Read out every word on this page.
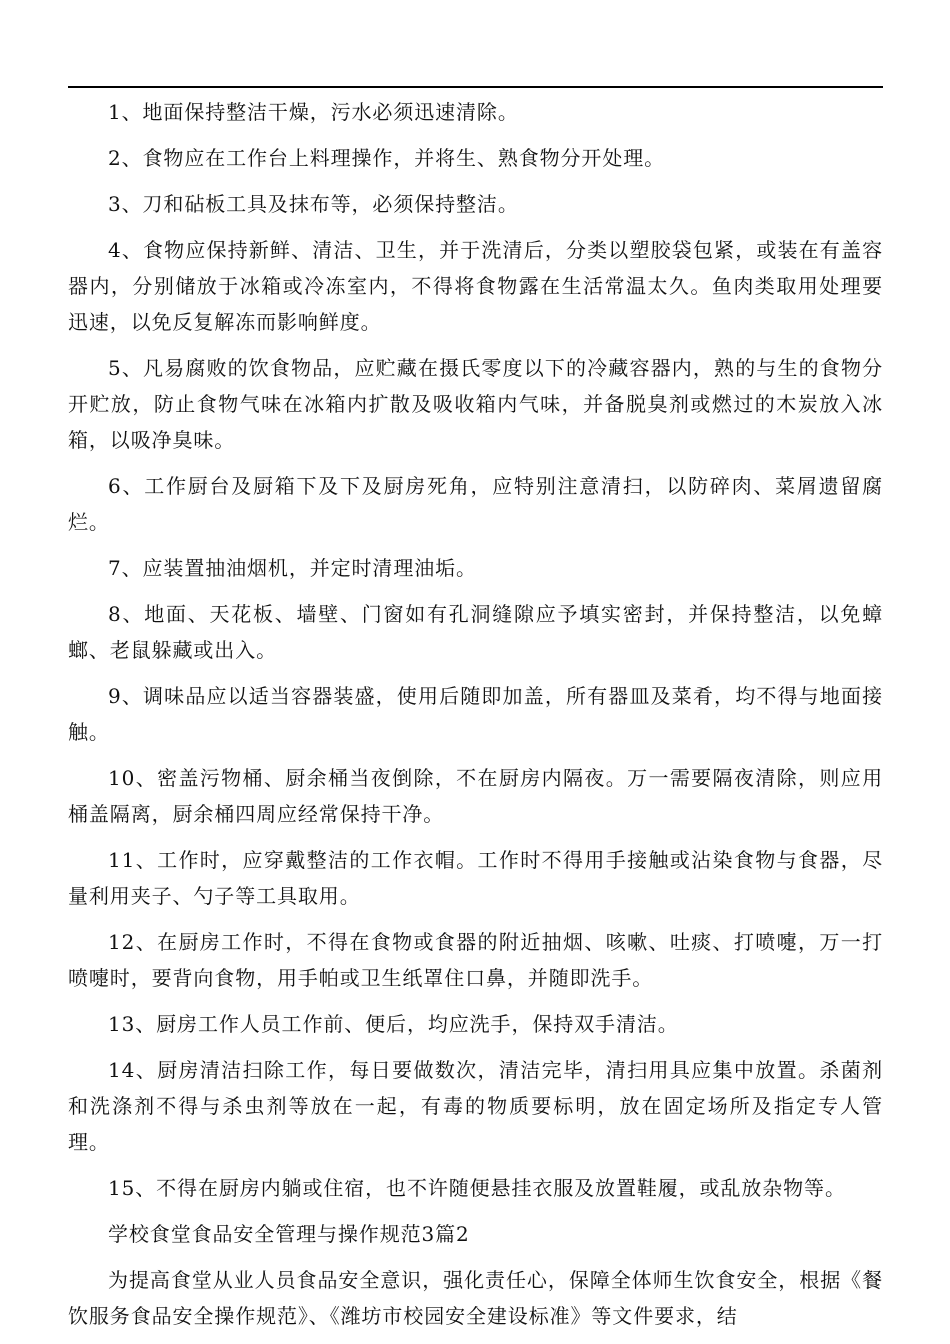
1、地面保持整洁干燥，污水必须迅速清除。

2、食物应在工作台上料理操作，并将生、熟食物分开处理。

3、刀和砧板工具及抹布等，必须保持整洁。

4、食物应保持新鲜、清洁、卫生，并于洗清后，分类以塑胶袋包紧，或装在有盖容器内，分别储放于冰箱或冷冻室内，不得将食物露在生活常温太久。鱼肉类取用处理要迅速，以免反复解冻而影响鲜度。

5、凡易腐败的饮食物品，应贮藏在摄氏零度以下的冷藏容器内，熟的与生的食物分开贮放，防止食物气味在冰箱内扩散及吸收箱内气味，并备脱臭剂或燃过的木炭放入冰箱，以吸净臭味。

6、工作厨台及厨箱下及下及厨房死角，应特别注意清扫，以防碎肉、菜屑遗留腐烂。

7、应装置抽油烟机，并定时清理油垢。

8、地面、天花板、墙壁、门窗如有孔洞缝隙应予填实密封，并保持整洁，以免蟑螂、老鼠躲藏或出入。

9、调味品应以适当容器装盛，使用后随即加盖，所有器皿及菜肴，均不得与地面接触。

10、密盖污物桶、厨余桶当夜倒除，不在厨房内隔夜。万一需要隔夜清除，则应用桶盖隔离，厨余桶四周应经常保持干净。

11、工作时，应穿戴整洁的工作衣帽。工作时不得用手接触或沾染食物与食器，尽量利用夹子、勺子等工具取用。

12、在厨房工作时，不得在食物或食器的附近抽烟、咳嗽、吐痰、打喷嚏，万一打喷嚏时，要背向食物，用手帕或卫生纸罩住口鼻，并随即洗手。

13、厨房工作人员工作前、便后，均应洗手，保持双手清洁。

14、厨房清洁扫除工作，每日要做数次，清洁完毕，清扫用具应集中放置。杀菌剂和洗涤剂不得与杀虫剂等放在一起，有毒的物质要标明，放在固定场所及指定专人管理。

15、不得在厨房内躺或住宿，也不许随便悬挂衣服及放置鞋履，或乱放杂物等。

学校食堂食品安全管理与操作规范3篇2

为提高食堂从业人员食品安全意识，强化责任心，保障全体师生饮食安全，根据《餐饮服务食品安全操作规范》、《潍坊市校园安全建设标准》等文件要求，结
